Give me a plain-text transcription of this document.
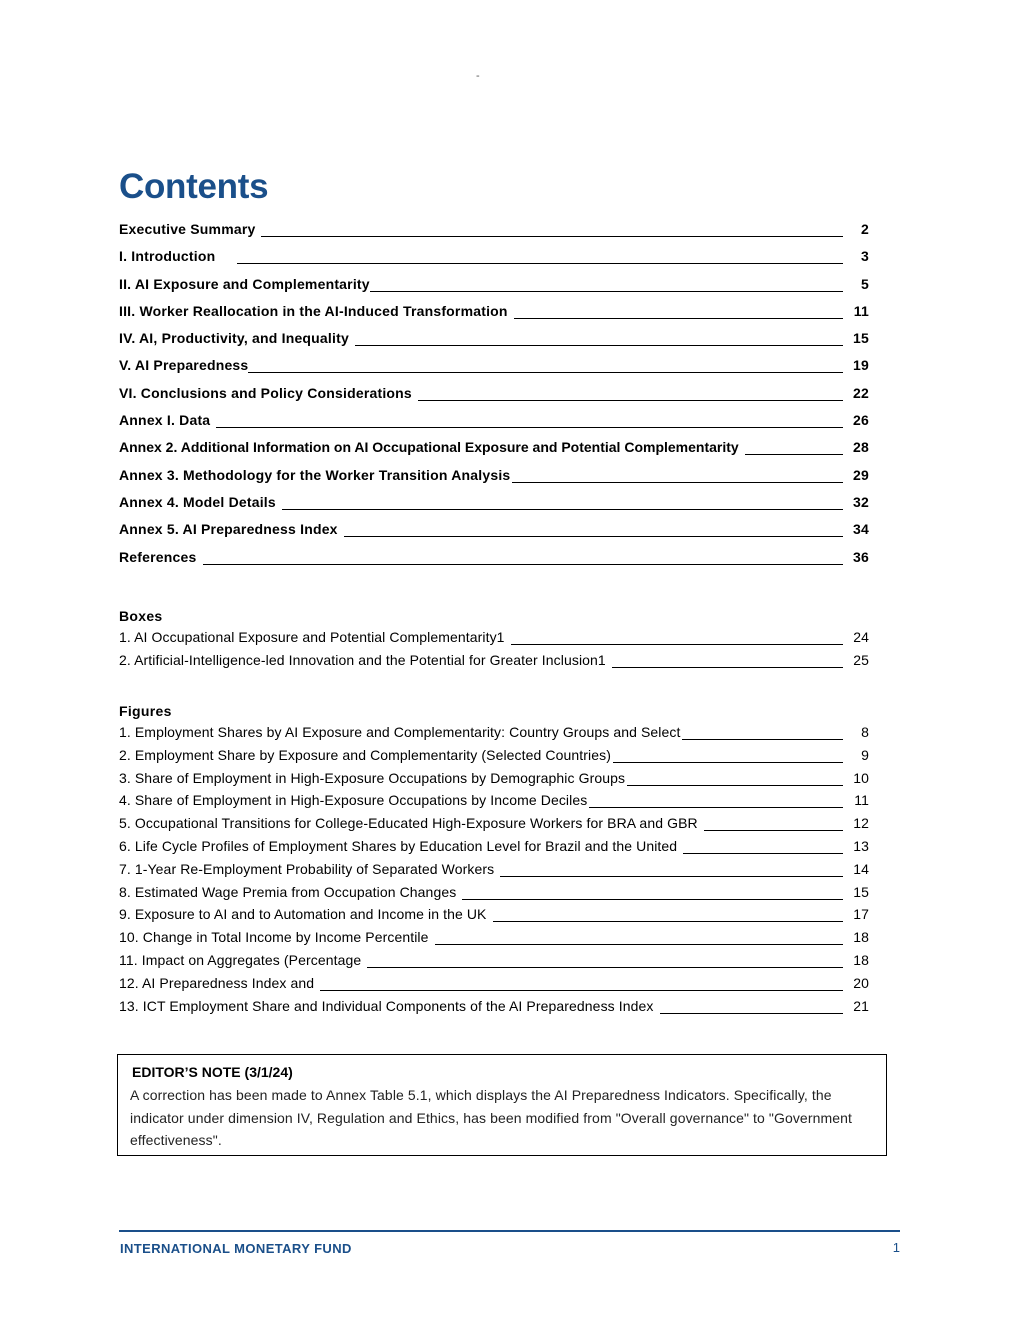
-
Contents
Executive Summary	2
I. Introduction	3
II. AI Exposure and Complementarity	5
III. Worker Reallocation in the AI-Induced Transformation	11
IV. AI, Productivity, and Inequality	15
V. AI Preparedness	19
VI. Conclusions and Policy Considerations	22
Annex I. Data	26
Annex 2. Additional Information on AI Occupational Exposure and Potential Complementarity	28
Annex 3. Methodology for the Worker Transition Analysis	29
Annex 4. Model Details	32
Annex 5. AI Preparedness Index	34
References	36
Boxes
1. AI Occupational Exposure and Potential Complementarity1	24
2. Artificial-Intelligence-led Innovation and the Potential for Greater Inclusion1	25
Figures
1. Employment Shares by AI Exposure and Complementarity: Country Groups and Select	8
2. Employment Share by Exposure and Complementarity (Selected Countries)	9
3. Share of Employment in High-Exposure Occupations by Demographic Groups	10
4. Share of Employment in High-Exposure Occupations by Income Deciles	11
5. Occupational Transitions for College-Educated High-Exposure Workers for BRA and GBR	12
6. Life Cycle Profiles of Employment Shares by Education Level for Brazil and the United	13
7. 1-Year Re-Employment Probability of Separated Workers	14
8. Estimated Wage Premia from Occupation Changes	15
9. Exposure to AI and to Automation and Income in the UK	17
10. Change in Total Income by Income Percentile	18
11. Impact on Aggregates (Percentage	18
12. AI Preparedness Index and	20
13. ICT Employment Share and Individual Components of the AI Preparedness Index	21
EDITOR’S NOTE (3/1/24)
A correction has been made to Annex Table 5.1, which displays the AI Preparedness Indicators. Specifically, the indicator under dimension IV, Regulation and Ethics, has been modified from "Overall governance" to "Government effectiveness".
INTERNATIONAL MONETARY FUND	1
